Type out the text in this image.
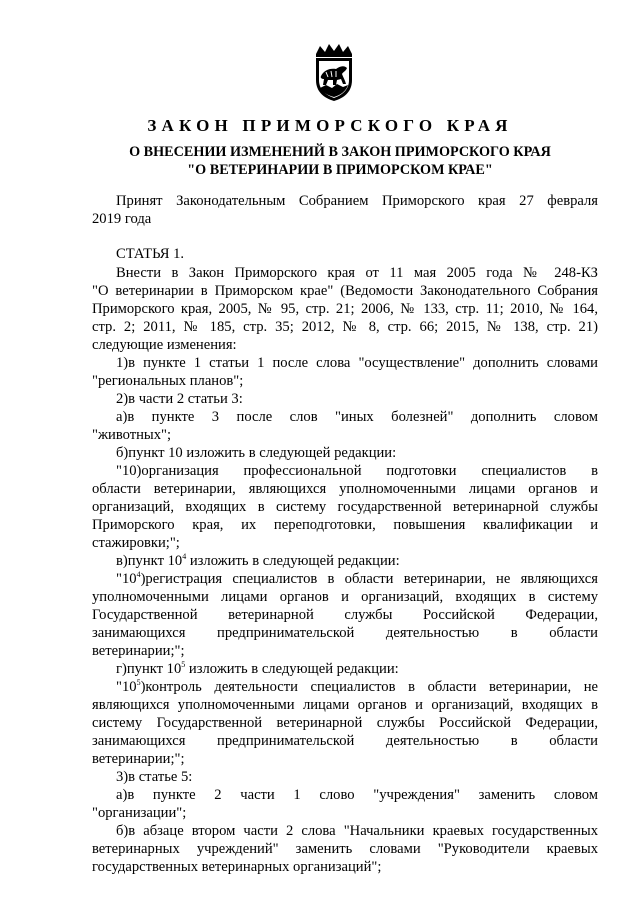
ЗАКОН ПРИМОРСКОГО КРАЯ
О ВНЕСЕНИИ ИЗМЕНЕНИЙ В ЗАКОН ПРИМОРСКОГО КРАЯ
"О ВЕТЕРИНАРИИ В ПРИМОРСКОМ КРАЕ"
Принят Законодательным Собранием Приморского края 27 февраля
2019 года
СТАТЬЯ 1.
Внести в Закон Приморского края от 11 мая 2005 года № 248-КЗ
"О ветеринарии в Приморском крае" (Ведомости Законодательного Собрания
Приморского края, 2005, № 95, стр. 21; 2006, № 133, стр. 11; 2010, № 164,
стр. 2; 2011, № 185, стр. 35; 2012, № 8, стр. 66; 2015, № 138, стр. 21)
следующие изменения:
1)в пункте 1 статьи 1 после слова "осуществление" дополнить словами
"региональных планов";
2)в части 2 статьи 3:
а)в пункте 3 после слов "иных болезней" дополнить словом
"животных";
б)пункт 10 изложить в следующей редакции:
"10)организация профессиональной подготовки специалистов в
области ветеринарии, являющихся уполномоченными лицами органов и
организаций, входящих в систему государственной ветеринарной службы
Приморского края, их переподготовки, повышения квалификации и
стажировки;";
в)пункт $10^4$ изложить в следующей редакции:
"$10^4)регистрация$ специалистов в области ветеринарии, не являющихся
уполномоченными лицами органов и организаций, входящих в систему
Государственной ветеринарной службы Российской Федерации,
занимающихся предпринимательской деятельностью в области
ветеринарии;";
г)пункт $10^5$ изложить в следующей редакции:
"$10^5)контроль$ деятельности специалистов в области ветеринарии, не
являющихся уполномоченными лицами органов и организаций, входящих в
систему Государственной ветеринарной службы Российской Федерации,
занимающихся предпринимательской деятельностью в области
ветеринарии;";
3)в статье 5:
а)в пункте 2 части 1 слово "учреждения" заменить словом
"организации";
б)в абзаце втором части 2 слова "Начальники краевых государственных
ветеринарных учреждений" заменить словами "Руководители краевых
государственных ветеринарных организаций";
